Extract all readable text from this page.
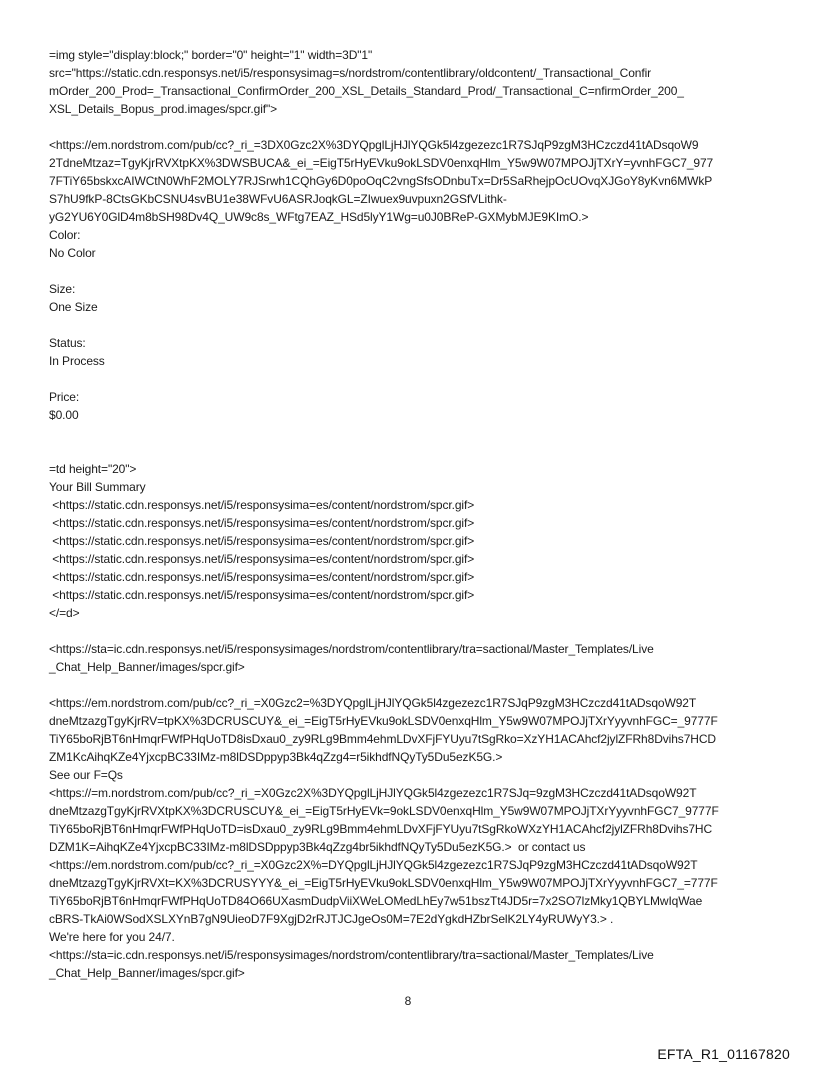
=img style="display:block;" border="0" height="1" width=3D"1"
src="https://static.cdn.responsys.net/i5/responsysimag=s/nordstrom/contentlibrary/oldcontent/_Transactional_Confir
mOrder_200_Prod=_Transactional_ConfirmOrder_200_XSL_Details_Standard_Prod/_Transactional_C=nfirmOrder_200_
XSL_Details_Bopus_prod.images/spcr.gif">
<https://em.nordstrom.com/pub/cc?_ri_=3DX0Gzc2X%3DYQpglLjHJlYQGk5l4zgezezc1R7SJqP9zgM3HCzczd41tADsqoW9
2TdneMtzaz=TgyKjrRVXtpKX%3DWSBUCA&_ei_=EigT5rHyEVku9okLSDV0enxqHlm_Y5w9W07MPOJjTXrY=yvnhFGC7_977
7FTiY65bskxcAIWCtN0WhF2MOLY7RJSrwh1CQhGy6D0poOqC2vngSfsODnbuTx=Dr5SaRhejpOcUOvqXJGoY8yKvn6MWkP
S7hU9fkP-8CtsGKbCSNU4svBU1e38WFvU6ASRJoqkGL=ZIwuex9uvpuxn2GSfVLithk-
yG2YU6Y0GlD4m8bSH98Dv4Q_UW9c8s_WFtg7EAZ_HSd5lyY1Wg=u0J0BReP-GXMybMJE9KImO.>
Color:
No Color
Size:
One Size
Status:
In Process
Price:
$0.00
=td height="20">
Your Bill Summary
<https://static.cdn.responsys.net/i5/responsysima=es/content/nordstrom/spcr.gif>
<https://static.cdn.responsys.net/i5/responsysima=es/content/nordstrom/spcr.gif>
<https://static.cdn.responsys.net/i5/responsysima=es/content/nordstrom/spcr.gif>
<https://static.cdn.responsys.net/i5/responsysima=es/content/nordstrom/spcr.gif>
<https://static.cdn.responsys.net/i5/responsysima=es/content/nordstrom/spcr.gif>
<https://static.cdn.responsys.net/i5/responsysima=es/content/nordstrom/spcr.gif>
</=d>
<https://sta=ic.cdn.responsys.net/i5/responsysimages/nordstrom/contentlibrary/tra=sactional/Master_Templates/Live
_Chat_Help_Banner/images/spcr.gif>
<https://em.nordstrom.com/pub/cc?_ri_=X0Gzc2=%3DYQpglLjHJlYQGk5l4zgezezc1R7SJqP9zgM3HCzczd41tADsqoW92T
dneMtzazgTgyKjrRV=tpKX%3DCRUSCUY&_ei_=EigT5rHyEVku9okLSDV0enxqHlm_Y5w9W07MPOJjTXrYyyvnhFGC=_9777F
TiY65boRjBT6nHmqrFWfPHqUoTD8isDxau0_zy9RLg9Bmm4ehmLDvXFjFYUyu7tSgRko=XzYH1ACAhcf2jylZFRh8Dvihs7HCD
ZM1KcAihqKZe4YjxcpBC33IMz-m8lDSDppyp3Bk4qZzg4=r5ikhdfNQyTy5Du5ezK5G.>
See our F=Qs
<https://=m.nordstrom.com/pub/cc?_ri_=X0Gzc2X%3DYQpglLjHJlYQGk5l4zgezezc1R7SJq=9zgM3HCzczd41tADsqoW92T
dneMtzazgTgyKjrRVXtpKX%3DCRUSCUY&_ei_=EigT5rHyEVk=9okLSDV0enxqHlm_Y5w9W07MPOJjTXrYyyvnhFGC7_9777F
TiY65boRjBT6nHmqrFWfPHqUoTD=isDxau0_zy9RLg9Bmm4ehmLDvXFjFYUyu7tSgRkoWXzYH1ACAhcf2jylZFRh8Dvihs7HC
DZM1K=AihqKZe4YjxcpBC33IMz-m8lDSDppyp3Bk4qZzg4br5ikhdfNQyTy5Du5ezK5G.>  or contact us
<https://em.nordstrom.com/pub/cc?_ri_=X0Gzc2X%=DYQpglLjHJlYQGk5l4zgezezc1R7SJqP9zgM3HCzczd41tADsqoW92T
dneMtzazgTgyKjrRVXt=KX%3DCRUSYYY&_ei_=EigT5rHyEVku9okLSDV0enxqHlm_Y5w9W07MPOJjTXrYyyvnhFGC7_=777F
TiY65boRjBT6nHmqrFWfPHqUoTD84O66UXasmDudpViiXWeLOMedLhEy7w51bszTt4JD5r=7x2SO7lzMky1QBYLMwIqWae
cBRS-TkAi0WSodXSLXYnB7gN9UieoD7F9XgjD2rRJTJCJgeOs0M=7E2dYgkdHZbrSelK2LY4yRUWyY3.> .
We're here for you 24/7.
<https://sta=ic.cdn.responsys.net/i5/responsysimages/nordstrom/contentlibrary/tra=sactional/Master_Templates/Live
_Chat_Help_Banner/images/spcr.gif>
8
EFTA_R1_01167820
